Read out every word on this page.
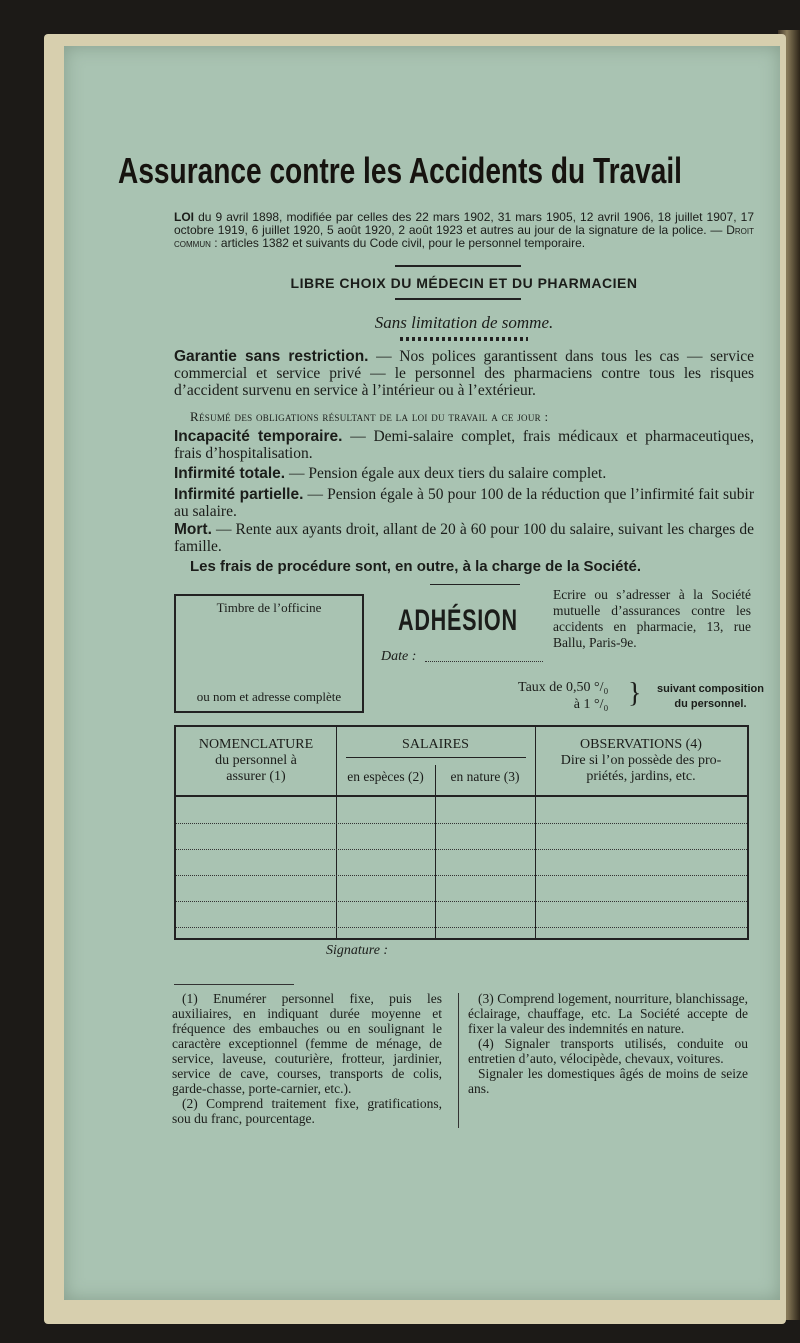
Assurance contre les Accidents du Travail
LOI du 9 avril 1898, modifiée par celles des 22 mars 1902, 31 mars 1905, 12 avril 1906, 18 juillet 1907, 17 octobre 1919, 6 juillet 1920, 5 août 1920, 2 août 1923 et autres au jour de la signature de la police. — Droit commun : articles 1382 et suivants du Code civil, pour le personnel temporaire.
LIBRE CHOIX DU MÉDECIN ET DU PHARMACIEN
Sans limitation de somme.
Garantie sans restriction. — Nos polices garantissent dans tous les cas — service commercial et service privé — le personnel des pharmaciens contre tous les risques d’accident survenu en service à l’intérieur ou à l’extérieur.
Résumé des obligations résultant de la loi du travail a ce jour :
Incapacité temporaire. — Demi-salaire complet, frais médicaux et pharmaceutiques, frais d’hospitalisation.
Infirmité totale. — Pension égale aux deux tiers du salaire complet.
Infirmité partielle. — Pension égale à 50 pour 100 de la réduction que l’infirmité fait subir au salaire.
Mort. — Rente aux ayants droit, allant de 20 à 60 pour 100 du salaire, suivant les charges de famille.
Les frais de procédure sont, en outre, à la charge de la Société.
Timbre de l’officine
ou nom et adresse complète
ADHÉSION
Ecrire ou s’adresser à la Société mutuelle d’assurances contre les accidents en pharmacie, 13, rue Ballu, Paris-9e.
Date :
Taux de 0,50 °/₀
à 1 °/₀ } suivant composition
du personnel.
NOMENCLATURE
du personnel à
assurer (1)
SALAIRES
en espèces (2)	en nature (3)
OBSERVATIONS (4)
Dire si l’on possède des pro-
priétés, jardins, etc.
Signature :

(1) Enumérer personnel fixe, puis les auxiliaires, en indiquant durée moyenne et fréquence des embauches ou en soulignant le caractère exceptionnel (femme de ménage, de service, laveuse, couturière, frotteur, jardinier, service de cave, courses, transports de colis, garde-chasse, porte-carnier, etc.).

(2) Comprend traitement fixe, gratifications, sou du franc, pourcentage.

(3) Comprend logement, nourriture, blanchissage, éclairage, chauffage, etc. La Société accepte de fixer la valeur des indemnités en nature.

(4) Signaler transports utilisés, conduite ou entretien d’auto, vélocipède, chevaux, voitures.

Signaler les domestiques âgés de moins de seize ans.
